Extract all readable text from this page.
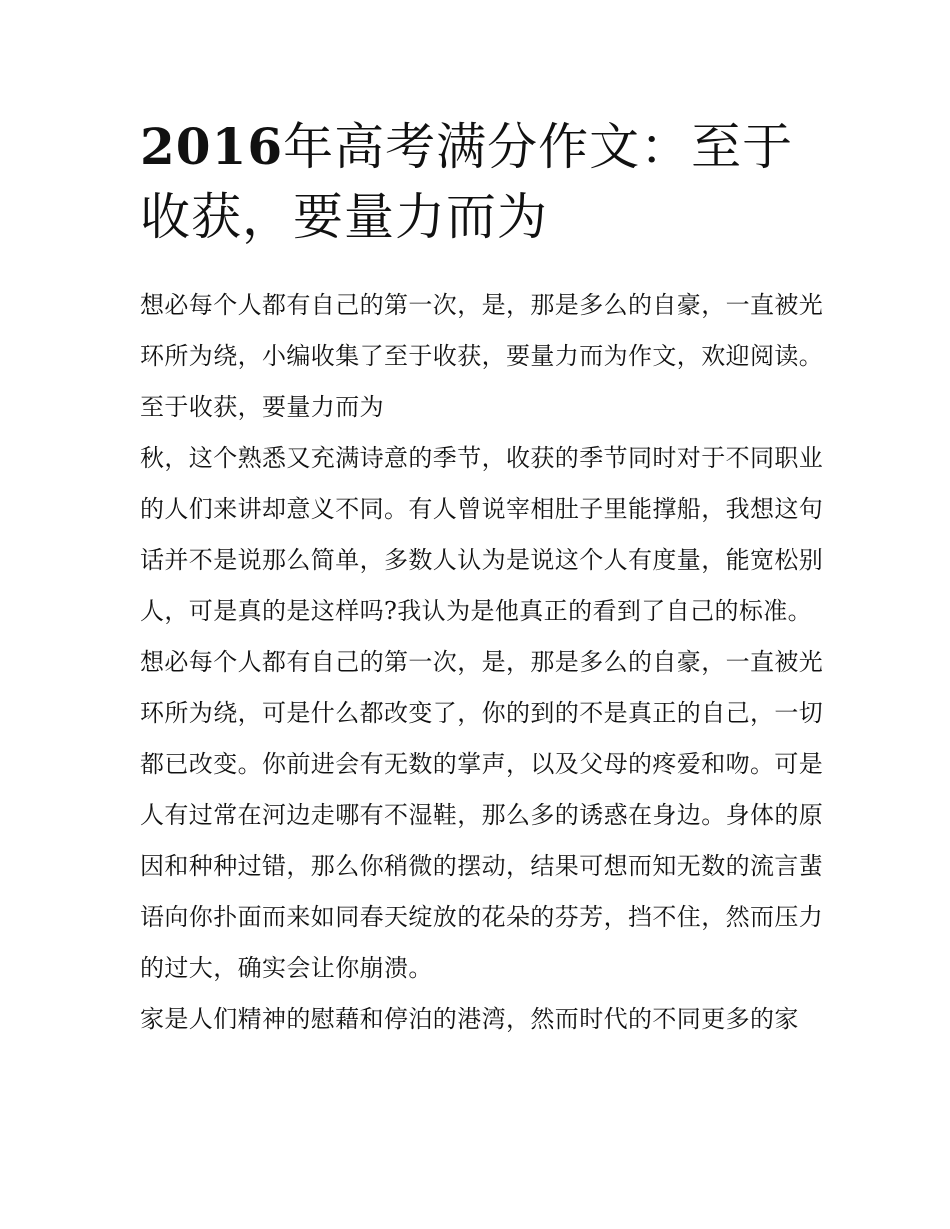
2016年高考满分作文：至于收获，要量力而为

想必每个人都有自己的第一次，是，那是多么的自豪，一直被光环所为绕，小编收集了至于收获，要量力而为作文，欢迎阅读。 至于收获，要量力而为

秋，这个熟悉又充满诗意的季节，收获的季节同时对于不同职业的人们来讲却意义不同。有人曾说宰相肚子里能撑船，我想这句话并不是说那么简单，多数人认为是说这个人有度量，能宽松别人，可是真的是这样吗?我认为是他真正的看到了自己的标准。

想必每个人都有自己的第一次，是，那是多么的自豪，一直被光环所为绕，可是什么都改变了，你的到的不是真正的自己，一切都已改变。你前进会有无数的掌声，以及父母的疼爱和吻。可是人有过常在河边走哪有不湿鞋，那么多的诱惑在身边。身体的原因和种种过错，那么你稍微的摆动，结果可想而知无数的流言蜚语向你扑面而来如同春天绽放的花朵的芬芳，挡不住，然而压力的过大，确实会让你崩溃。

家是人们精神的慰藉和停泊的港湾，然而时代的不同更多的家
